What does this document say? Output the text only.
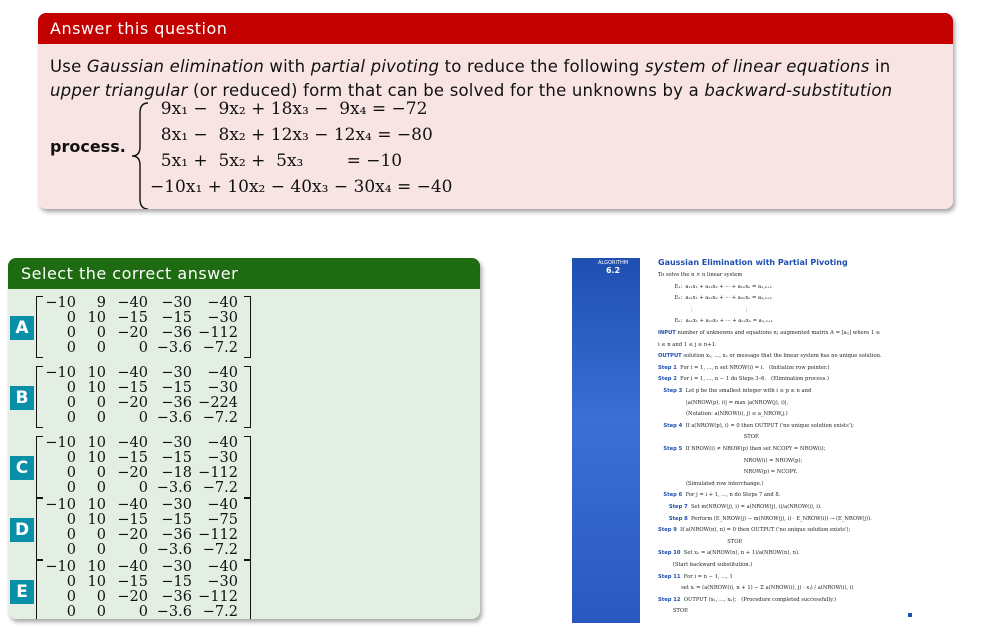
Answer this question
Use Gaussian elimination with partial pivoting to reduce the following system of linear equations in upper triangular (or reduced) form that can be solved for the unknowns by a backward-substitution
process.
9x₁ −  9x₂ + 18x₃ −  9x₄ = −72
8x₁ −  8x₂ + 12x₃ − 12x₄ = −80
5x₁ +  5x₂ +  5x₃        = −10
−10x₁ + 10x₂ − 40x₃ − 30x₄ = −40
Select the correct answer
A
−10	9 −40 −30	−40
0 10 −15 −15	−30
0	0 −20 −36 −112
0	0	0 −3.6 −7.2
B
−10 10 −40 −30	−40
0 10 −15 −15	−30
0	0 −20 −36 −224
0	0	0 −3.6 −7.2
C
−10 10 −40 −30	−40
0 10 −15 −15	−30
0	0 −20 −18 −112
0	0	0 −3.6 −7.2
D
−10 10 −40 −30	−40
0 10 −15 −15	−75
0	0 −20 −36 −112
0	0	0 −3.6 −7.2
E
−10 10 −40 −30	−40
0 10 −15 −15	−30
0	0 −20 −36 −112
0	0	0 −3.6 −7.2
ALGORITHM
6.2
Gaussian Elimination with Partial Pivoting
To solve the n × n linear system
E₁:  a₁₁x₁ + a₁₂x₂ + ··· + a₁ₙxₙ = a₁,ₙ₊₁
E₂:  a₂₁x₁ + a₂₂x₂ + ··· + a₂ₙxₙ = a₂,ₙ₊₁
⋮                              ⋮
Eₙ:  aₙ₁x₁ + aₙ₂x₂ + ··· + aₙₙxₙ = aₙ,ₙ₊₁
INPUT number of unknowns and equations n; augmented matrix A = [aᵢⱼ] where 1 ≤
i ≤ n and 1 ≤ j ≤ n+1.
OUTPUT solution x₁, ..., xₙ or message that the linear system has no unique solution.
Step 1  For i = 1, ..., n set NROW(i) = i.   (Initialize row pointer.)
Step 2  For i = 1, ..., n − 1 do Steps 3–6.   (Elimination process.)
Step 3  Let p be the smallest integer with i ≤ p ≤ n and
|a(NROW(p), i)| = max |a(NROW(j), i)|.
(Notation: a(NROW(i), j) ≡ a_NROW,j.)
Step 4  If a(NROW(p), i) = 0 then OUTPUT ('no unique solution exists');
STOP.
Step 5  If NROW(i) ≠ NROW(p) then set NCOPY = NROW(i);
NROW(i) = NROW(p);
NROW(p) = NCOPY.
(Simulated row interchange.)
Step 6  For j = i + 1, ..., n do Steps 7 and 8.
Step 7  Set m(NROW(j), i) = a(NROW(j), i)/a(NROW(i), i).
Step 8  Perform (E_NROW(j) − m(NROW(j), i) · E_NROW(i)) → (E_NROW(j)).
Step 9  If a(NROW(n), n) = 0 then OUTPUT ('no unique solution exists');
STOP.
Step 10  Set xₙ = a(NROW(n), n + 1)/a(NROW(n), n).
(Start backward substitution.)
Step 11  For i = n − 1, ..., 1
set xᵢ = (a(NROW(i), n + 1) − Σ a(NROW(i), j) · xⱼ) / a(NROW(i), i)
Step 12  OUTPUT (x₁, ..., xₙ);   (Procedure completed successfully.)
STOP.
